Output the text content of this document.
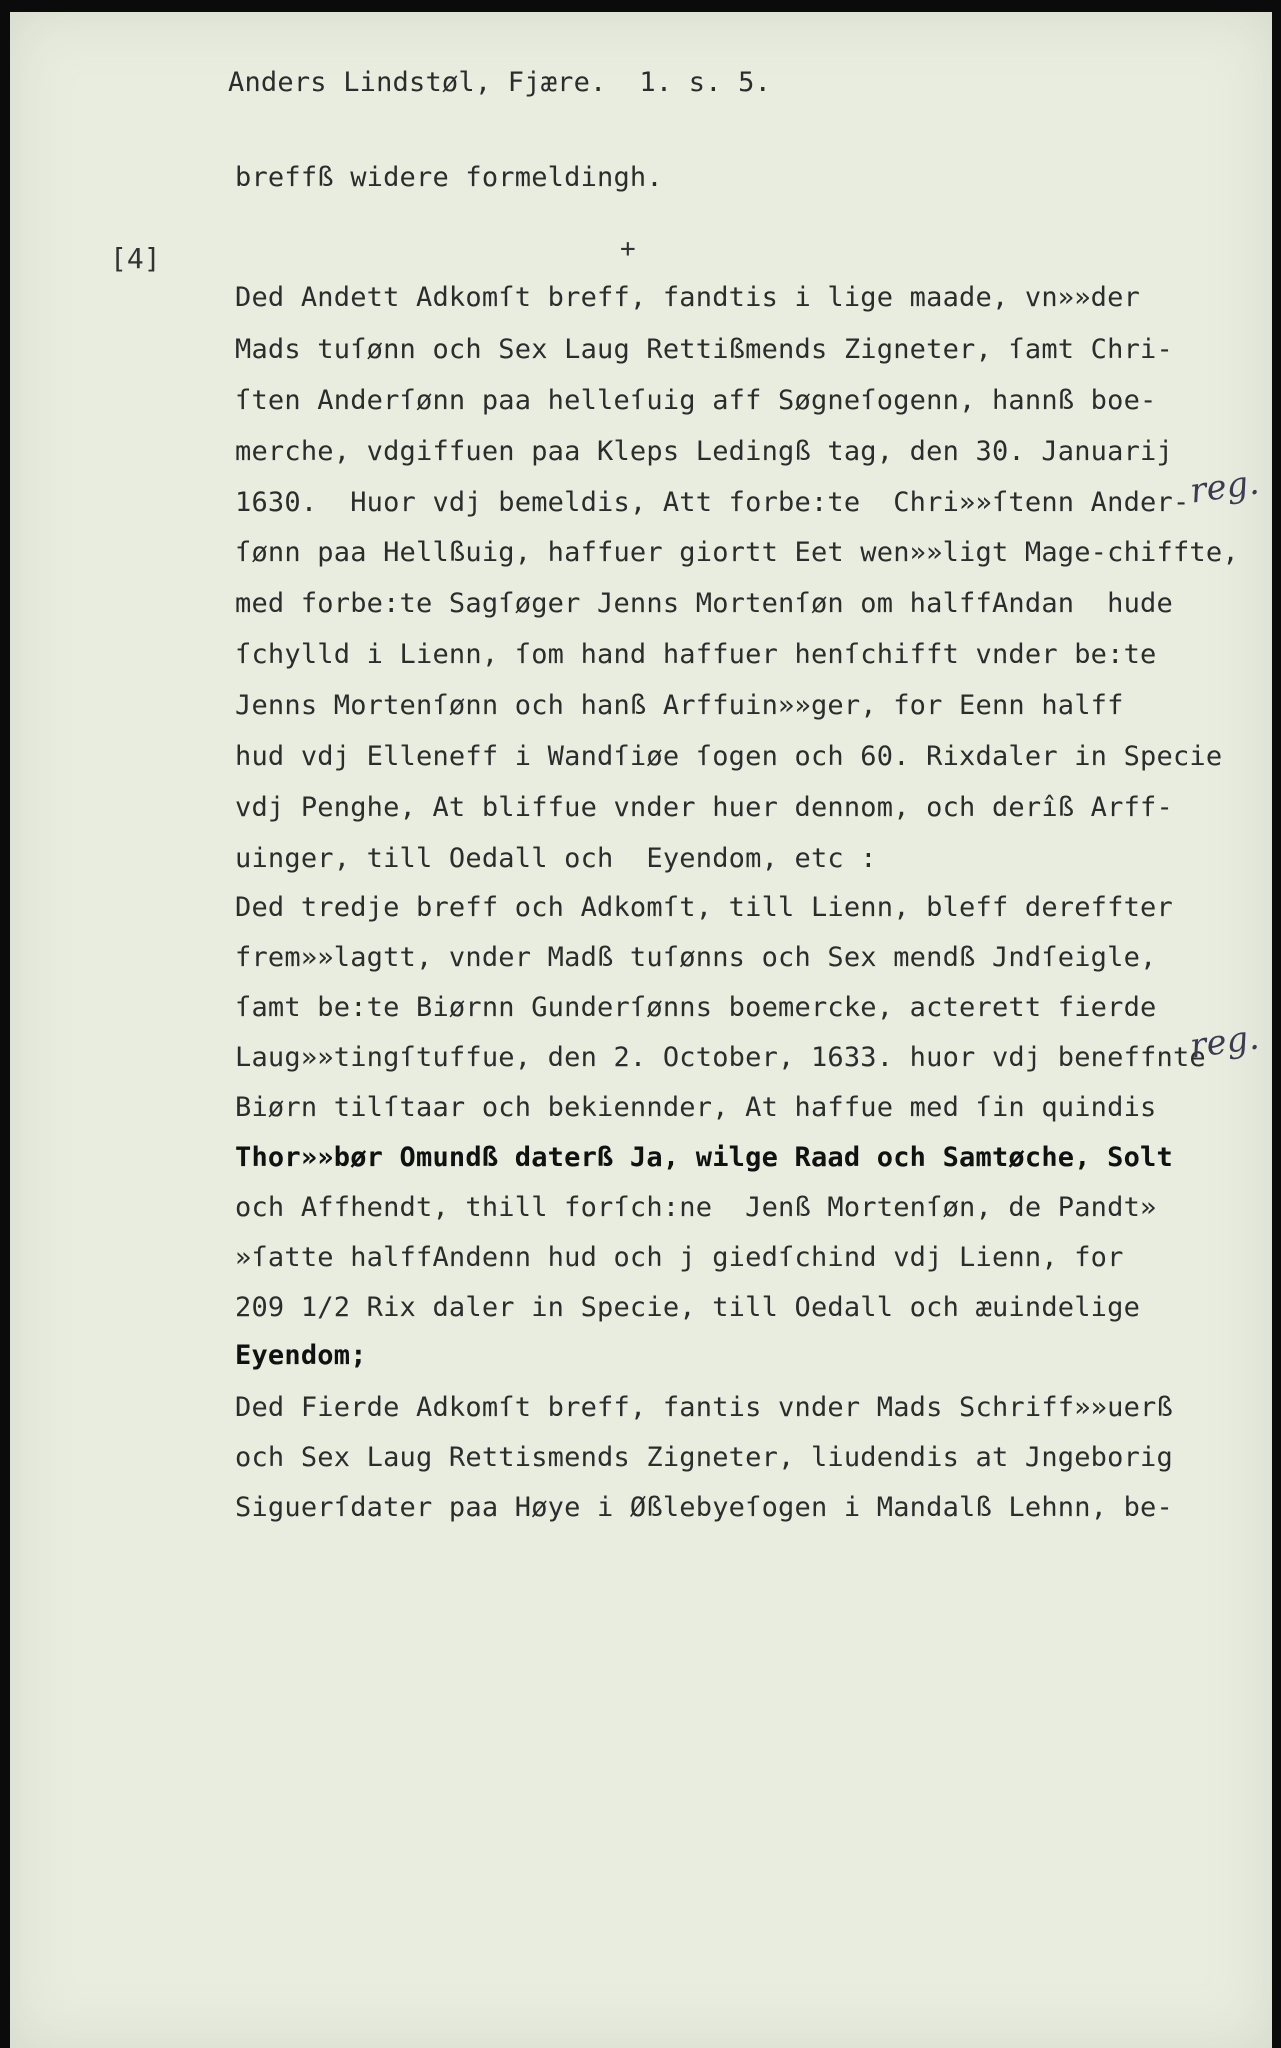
Anders Lindstøl, Fjære.  1. s. 5.
[4]	+
breffß widere formeldingh.
Ded Andett Adkomſt breff, fandtis i lige maade, vn»»der
Mads tuſønn och Sex Laug Rettißmends Zigneter, ſamt Chri-
ſten Anderſønn paa helleſuig aff Søgneſogenn, hannß boe-
merche, vdgiffuen paa Kleps Ledingß tag, den 30. Januarij
1630.  Huor vdj bemeldis, Att forbe:te  Chri»»ſtenn Ander-
ſønn paa Hellßuig, haffuer giortt Eet wen»»ligt Mage-chiffte,
med forbe:te Sagſøger Jenns Mortenſøn om halffAndan  hude
ſchylld i Lienn, ſom hand haffuer henſchifft vnder be:te
Jenns Mortenſønn och hanß Arffuin»»ger, for Eenn halff
hud vdj Elleneff i Wandſiøe ſogen och 60. Rixdaler in Specie
vdj Penghe, At bliffue vnder huer dennom, och derîß Arff-
uinger, till Oedall och  Eyendom, etc :
Ded tredje breff och Adkomſt, till Lienn, bleff dereffter
frem»»lagtt, vnder Madß tuſønns och Sex mendß Jndſeigle,
ſamt be:te Biørnn Gunderſønns boemercke, acterett fierde
Laug»»tingſtuffue, den 2. October, 1633. huor vdj beneffnte
Biørn tilſtaar och bekiennder, At haffue med ſin quindis
Thor»»bør Omundß daterß Ja, wilge Raad och Samtøche, Solt
och Affhendt, thill forſch:ne  Jenß Mortenſøn, de Pandt»
»ſatte halffAndenn hud och j giedſchind vdj Lienn, for
209 1/2 Rix daler in Specie, till Oedall och æuindelige
Eyendom;
Ded Fierde Adkomſt breff, fantis vnder Mads Schriff»»uerß
och Sex Laug Rettismends Zigneter, liudendis at Jngeborig
Siguerſdater paa Høye i Øßlebyeſogen i Mandalß Lehnn, be-
reg.
reg.
